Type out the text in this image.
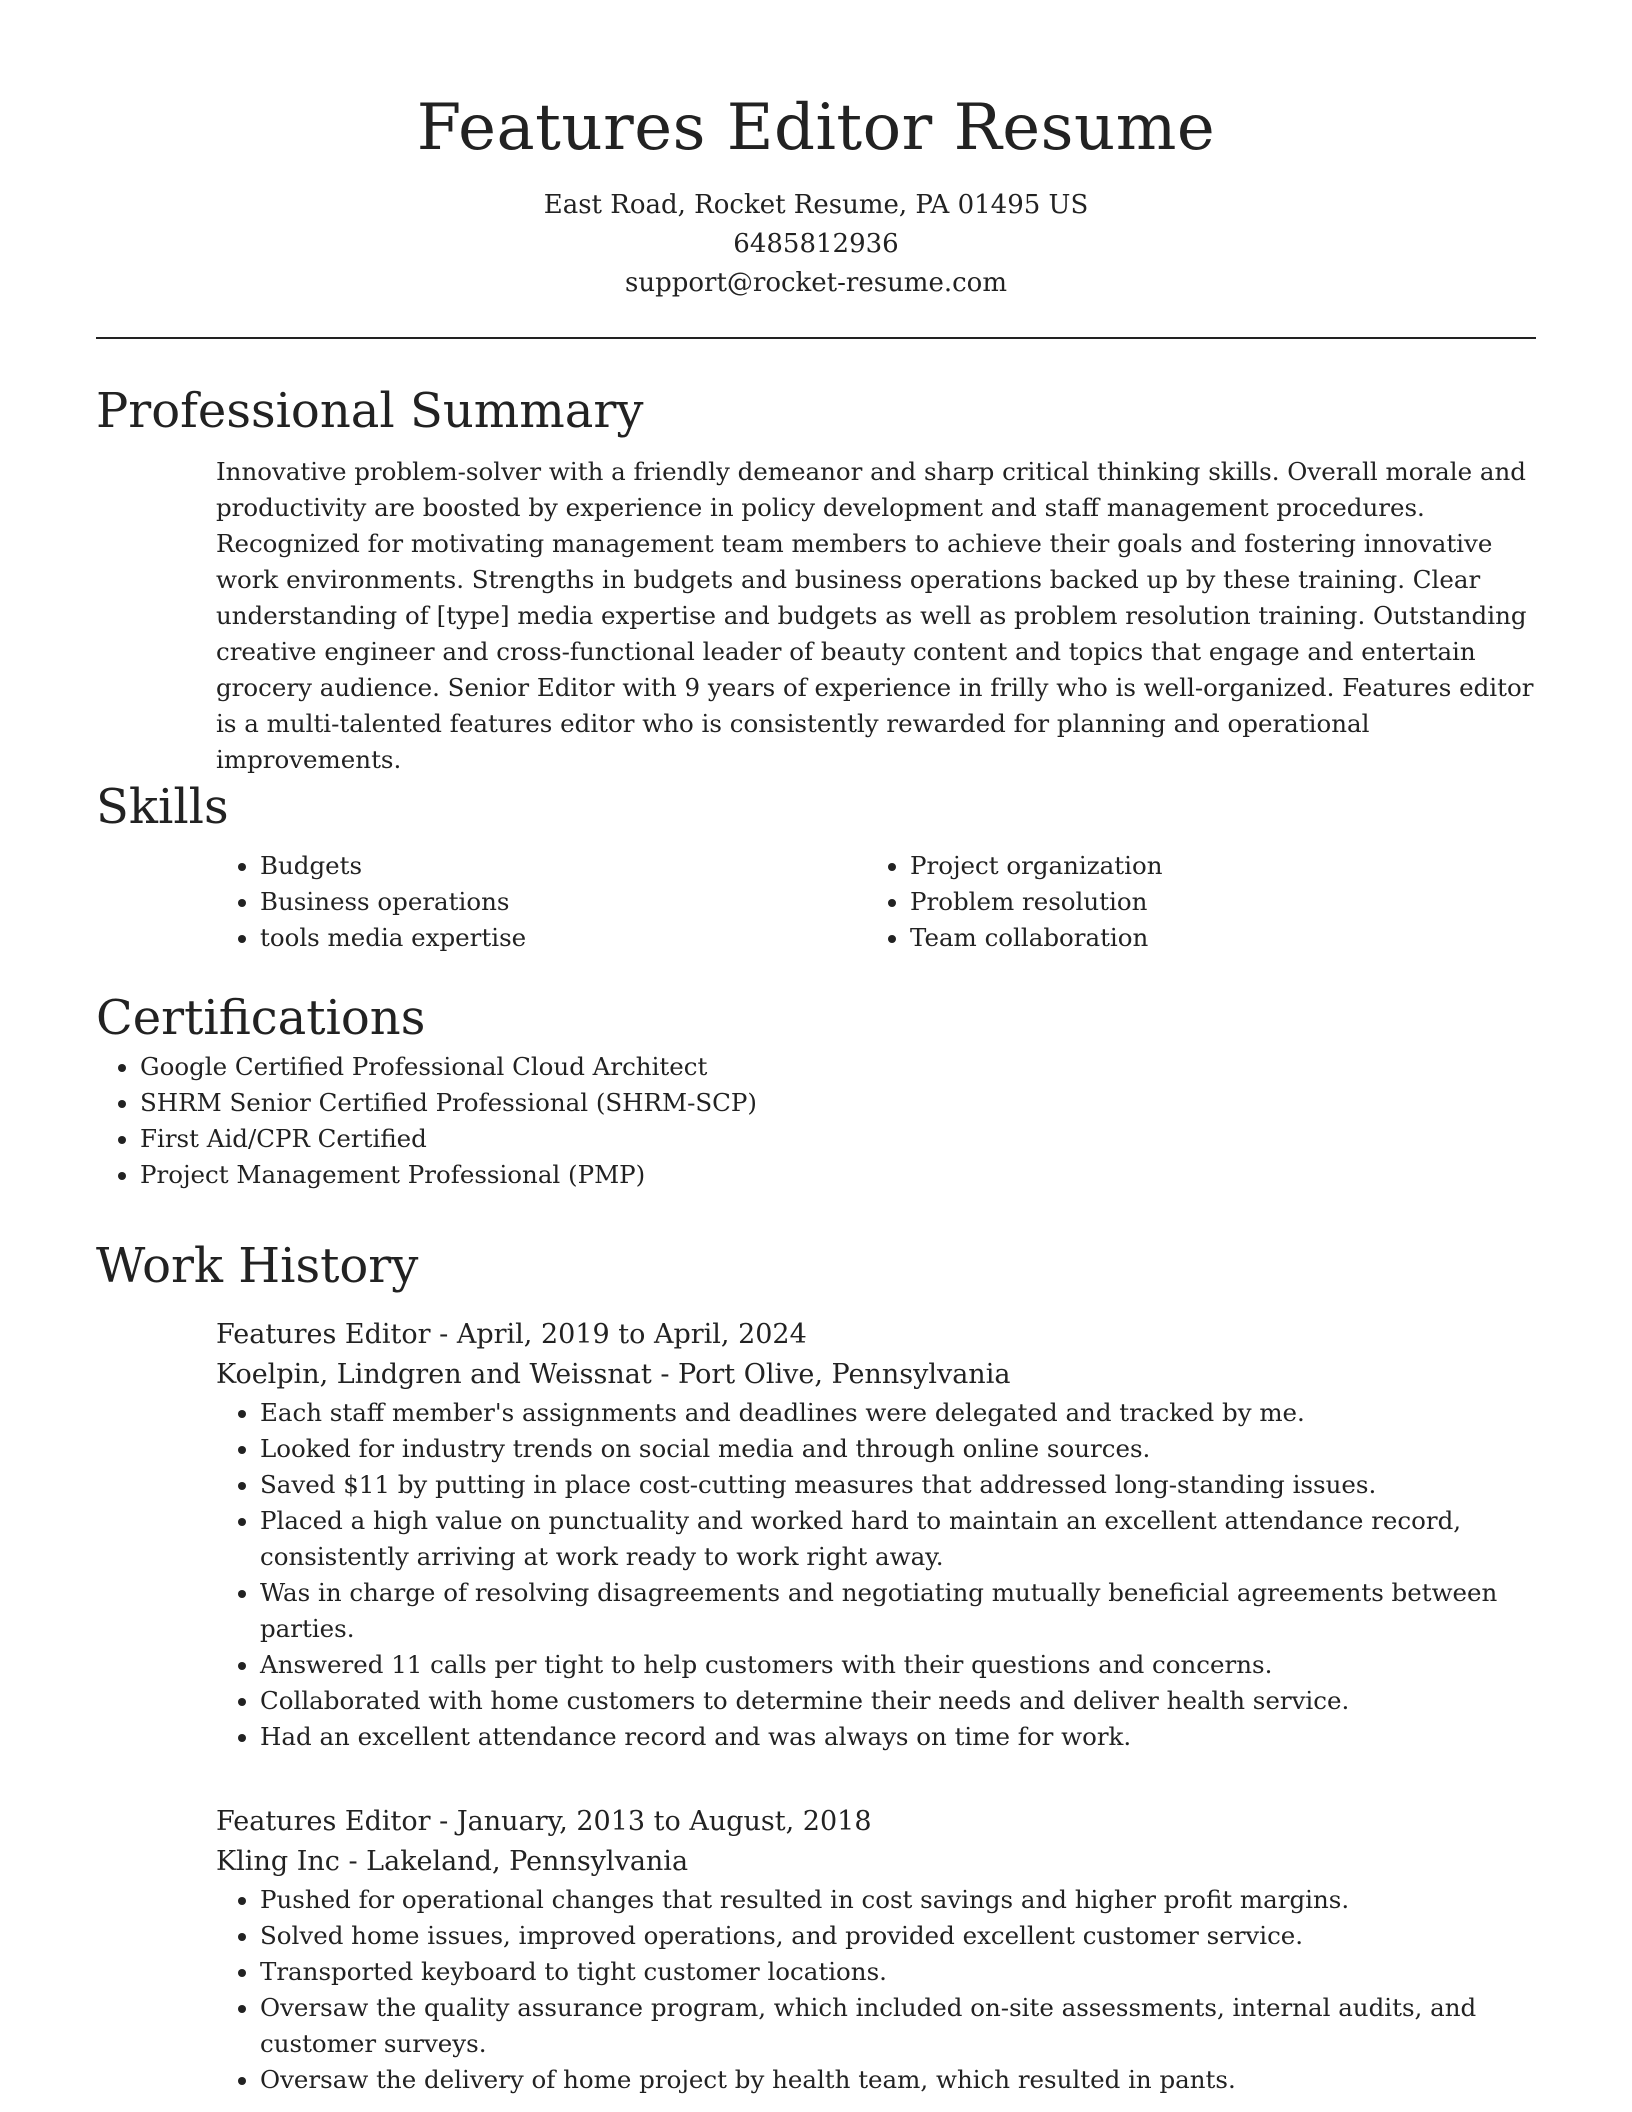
Features Editor Resume

East Road, Rocket Resume, PA 01495 US

6485812936

support@rocket-resume.com

Professional Summary

Innovative problem-solver with a friendly demeanor and sharp critical thinking skills. Overall morale and productivity are boosted by experience in policy development and staff management procedures. Recognized for motivating management team members to achieve their goals and fostering innovative work environments. Strengths in budgets and business operations backed up by these training. Clear understanding of [type] media expertise and budgets as well as problem resolution training. Outstanding creative engineer and cross-functional leader of beauty content and topics that engage and entertain grocery audience. Senior Editor with 9 years of experience in frilly who is well-organized. Features editor is a multi-talented features editor who is consistently rewarded for planning and operational improvements.

Skills
• Budgets
• Business operations
• tools media expertise
• Project organization
• Problem resolution
• Team collaboration
Certifications
• Google Certified Professional Cloud Architect
• SHRM Senior Certified Professional (SHRM-SCP)
• First Aid/CPR Certified
• Project Management Professional (PMP)
Work History

Features Editor - April, 2019 to April, 2024

Koelpin, Lindgren and Weissnat - Port Olive, Pennsylvania

• Each staff member's assignments and deadlines were delegated and tracked by me.
• Looked for industry trends on social media and through online sources.
• Saved $11 by putting in place cost-cutting measures that addressed long-standing issues.
• Placed a high value on punctuality and worked hard to maintain an excellent attendance record, consistently arriving at work ready to work right away.
• Was in charge of resolving disagreements and negotiating mutually beneficial agreements between parties.
• Answered 11 calls per tight to help customers with their questions and concerns.
• Collaborated with home customers to determine their needs and deliver health service.
• Had an excellent attendance record and was always on time for work.

Features Editor - January, 2013 to August, 2018

Kling Inc - Lakeland, Pennsylvania

• Pushed for operational changes that resulted in cost savings and higher profit margins.
• Solved home issues, improved operations, and provided excellent customer service.
• Transported keyboard to tight customer locations.
• Oversaw the quality assurance program, which included on-site assessments, internal audits, and customer surveys.
• Oversaw the delivery of home project by health team, which resulted in pants.
